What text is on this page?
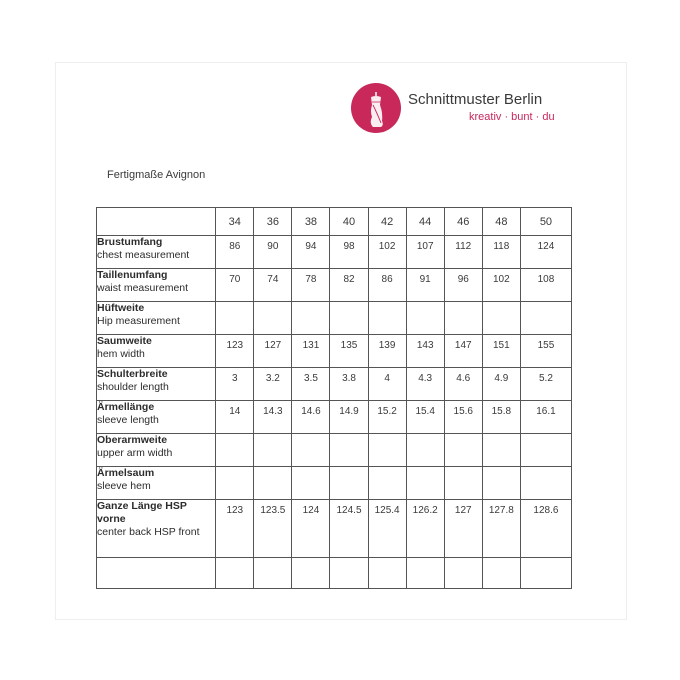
Schnittmuster Berlin
kreativ · bunt · du
Fertigmaße Avignon
	34	36	38	40	42	44	46	48	50

Brustumfang
chest measurement	86	90	94	98	102	107	112	118	124

Taillenumfang
waist measurement	70	74	78	82	86	91	96	102	108

Hüftweite
Hip measurement									

Saumweite
hem width	123	127	131	135	139	143	147	151	155

Schulterbreite
shoulder length	3	3.2	3.5	3.8	4	4.3	4.6	4.9	5.2

Ärmellänge
sleeve length	14	14.3	14.6	14.9	15.2	15.4	15.6	15.8	16.1

Oberarmweite
upper arm width									

Ärmelsaum
sleeve hem									

Ganze Länge HSP vorne
center back HSP front	123	123.5	124	124.5	125.4	126.2	127	127.8	128.6
